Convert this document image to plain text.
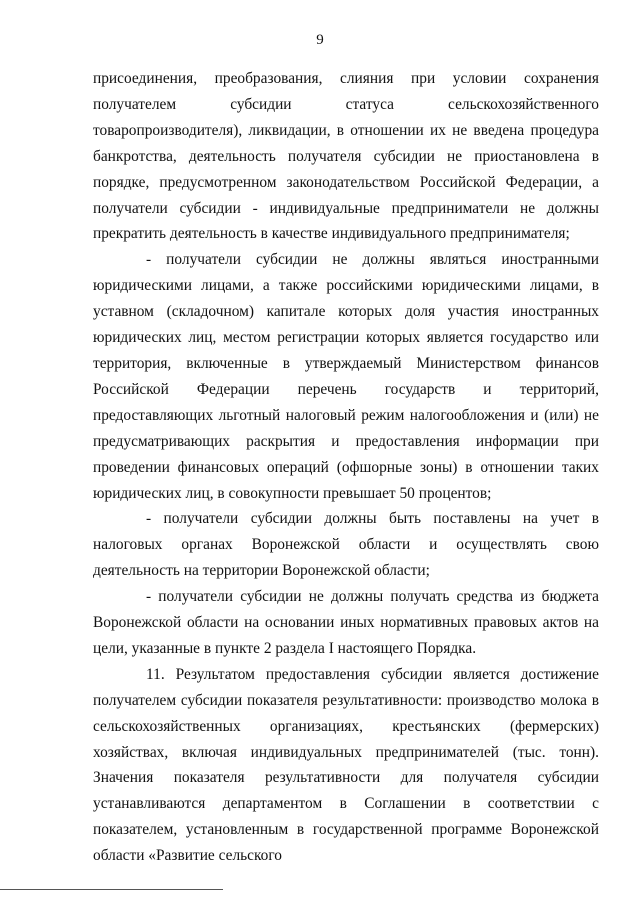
9

присоединения, преобразования, слияния при условии сохранения получателем субсидии статуса сельскохозяйственного товаропроизводителя), ликвидации, в отношении их не введена процедура банкротства, деятельность получателя субсидии не приостановлена в порядке, предусмотренном законодательством Российской Федерации, а получатели субсидии - индивидуальные предприниматели не должны прекратить деятельность в качестве индивидуального предпринимателя;

- получатели субсидии не должны являться иностранными юридическими лицами, а также российскими юридическими лицами, в уставном (складочном) капитале которых доля участия иностранных юридических лиц, местом регистрации которых является государство или территория, включенные в утверждаемый Министерством финансов Российской Федерации перечень государств и территорий, предоставляющих льготный налоговый режим налогообложения и (или) не предусматривающих раскрытия и предоставления информации при проведении финансовых операций (офшорные зоны) в отношении таких юридических лиц, в совокупности превышает 50 процентов;

- получатели субсидии должны быть поставлены на учет в налоговых органах Воронежской области и осуществлять свою деятельность на территории Воронежской области;

- получатели субсидии не должны получать средства из бюджета Воронежской области на основании иных нормативных правовых актов на цели, указанные в пункте 2 раздела I настоящего Порядка.

11. Результатом предоставления субсидии является достижение получателем субсидии показателя результативности: производство молока в сельскохозяйственных организациях, крестьянских (фермерских) хозяйствах, включая индивидуальных предпринимателей (тыс. тонн). Значения показателя результативности для получателя субсидии устанавливаются департаментом в Соглашении в соответствии с показателем, установленным в государственной программе Воронежской области «Развитие сельского
